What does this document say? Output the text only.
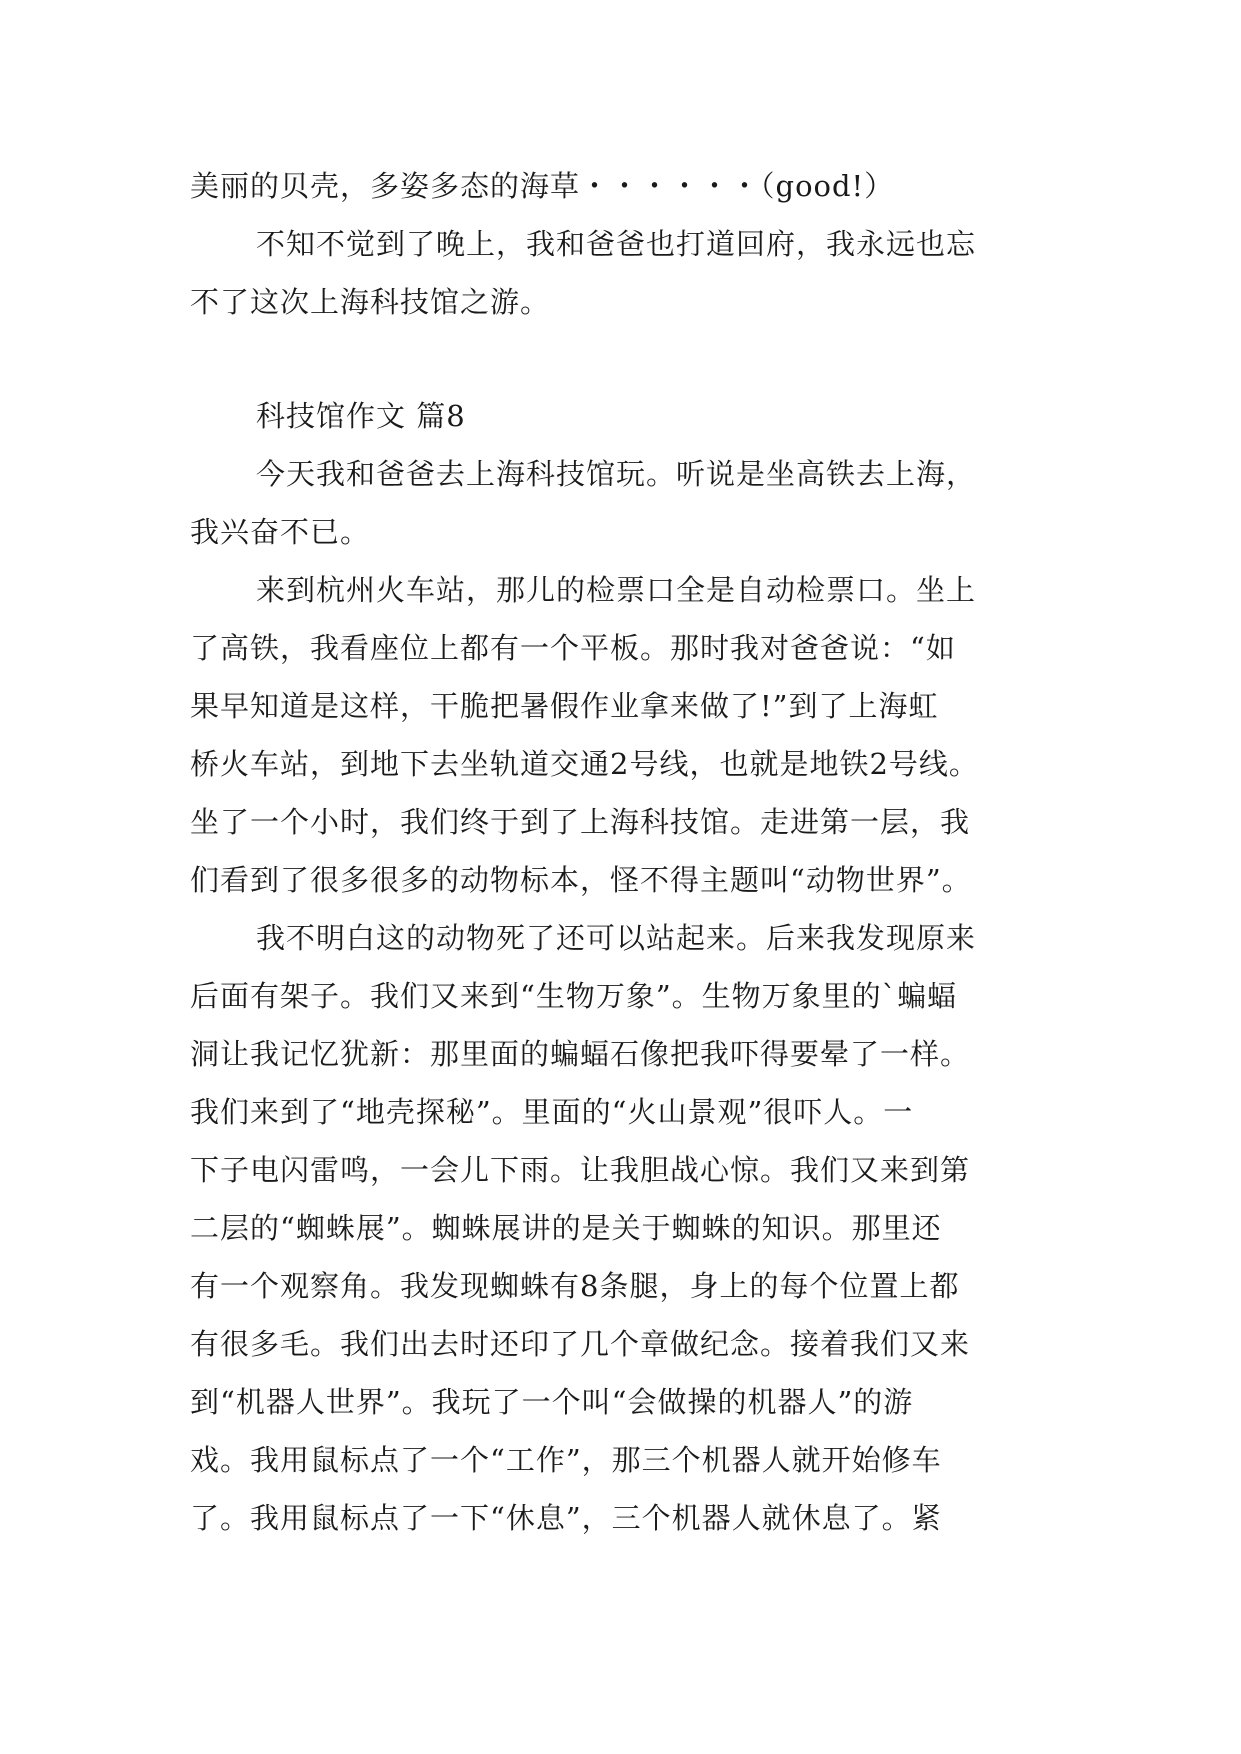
美丽的贝壳，多姿多态的海草・・・・・・（good!）
不知不觉到了晚上，我和爸爸也打道回府，我永远也忘
不了这次上海科技馆之游。
科技馆作文 篇8
今天我和爸爸去上海科技馆玩。听说是坐高铁去上海，
我兴奋不已。
来到杭州火车站，那儿的检票口全是自动检票口。坐上
了高铁，我看座位上都有一个平板。那时我对爸爸说：“如
果早知道是这样，干脆把暑假作业拿来做了!”到了上海虹
桥火车站，到地下去坐轨道交通2号线，也就是地铁2号线。
坐了一个小时，我们终于到了上海科技馆。走进第一层，我
们看到了很多很多的动物标本，怪不得主题叫“动物世界”。
我不明白这的动物死了还可以站起来。后来我发现原来
后面有架子。我们又来到“生物万象”。生物万象里的`蝙蝠
洞让我记忆犹新：那里面的蝙蝠石像把我吓得要晕了一样。
我们来到了“地壳探秘”。里面的“火山景观”很吓人。一
下子电闪雷鸣，一会儿下雨。让我胆战心惊。我们又来到第
二层的“蜘蛛展”。蜘蛛展讲的是关于蜘蛛的知识。那里还
有一个观察角。我发现蜘蛛有8条腿，身上的每个位置上都
有很多毛。我们出去时还印了几个章做纪念。接着我们又来
到“机器人世界”。我玩了一个叫“会做操的机器人”的游
戏。我用鼠标点了一个“工作”，那三个机器人就开始修车
了。我用鼠标点了一下“休息”，三个机器人就休息了。紧
